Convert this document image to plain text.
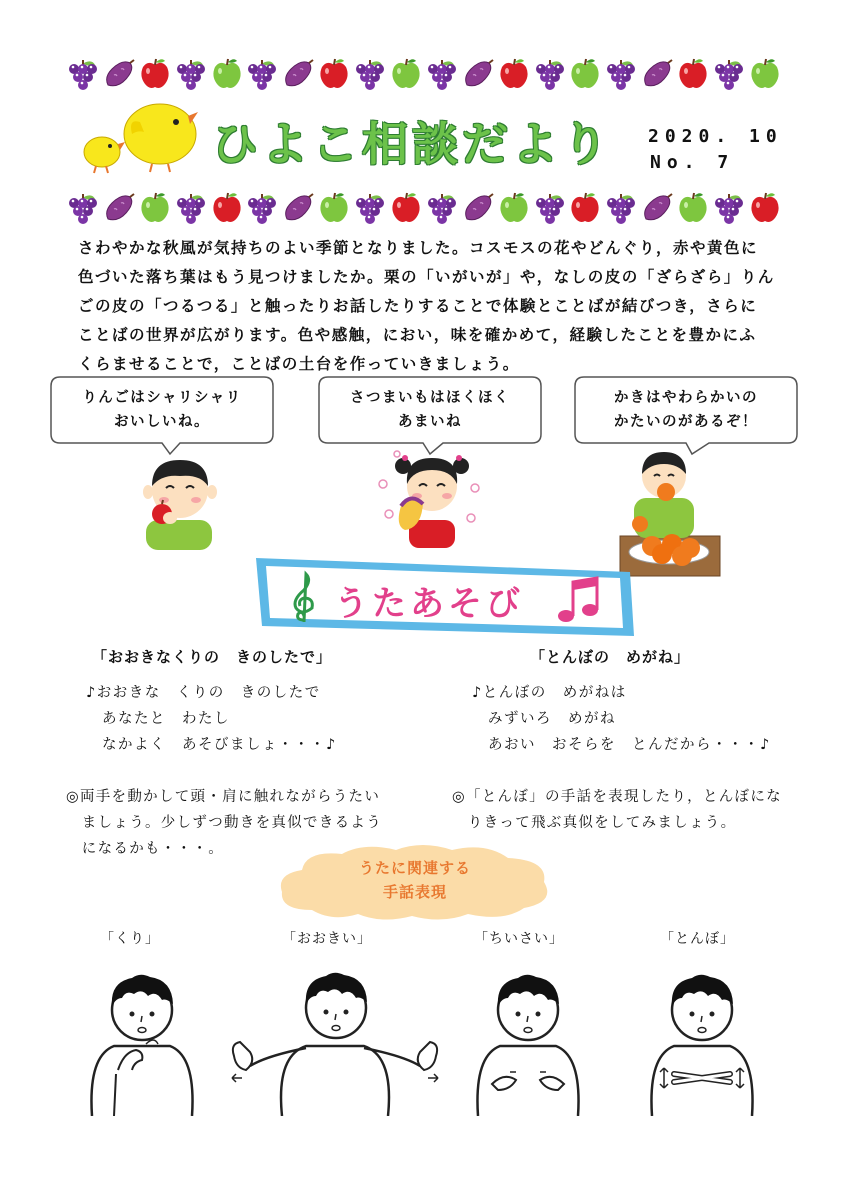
ひよこ相談だより 2020. 10
No. 7
さわやかな秋風が気持ちのよい季節となりました。コスモスの花やどんぐり，赤や黄色に
色づいた落ち葉はもう見つけましたか。栗の「いがいが」や，なしの皮の「ざらざら」りん
ごの皮の「つるつる」と触ったりお話したりすることで体験とことばが結びつき，さらに
ことばの世界が広がります。色や感触，におい，味を確かめて，経験したことを豊かにふ
くらませることで，ことばの土台を作っていきましょう。
りんごはシャリシャリ
おいしいね。
さつまいもはほくほく
あまいね
かきはやわらかいの
かたいのがあるぞ！
うたあそび
「おおきなくりの　きのしたで」
♪おおきな　くりの　きのしたで
　あなたと　わたし
　なかよく　あそびましょ・・・♪
◎両手を動かして頭・肩に触れながらうたい
　ましょう。少しずつ動きを真似できるよう
　になるかも・・・。
「とんぼの　めがね」
♪とんぼの　めがねは
　みずいろ　めがね
　あおい　おそらを　とんだから・・・♪
◎「とんぼ」の手話を表現したり，とんぼにな
　りきって飛ぶ真似をしてみましょう。
うたに関連する
手話表現
「くり」	「おおきい」	「ちいさい」	「とんぼ」
